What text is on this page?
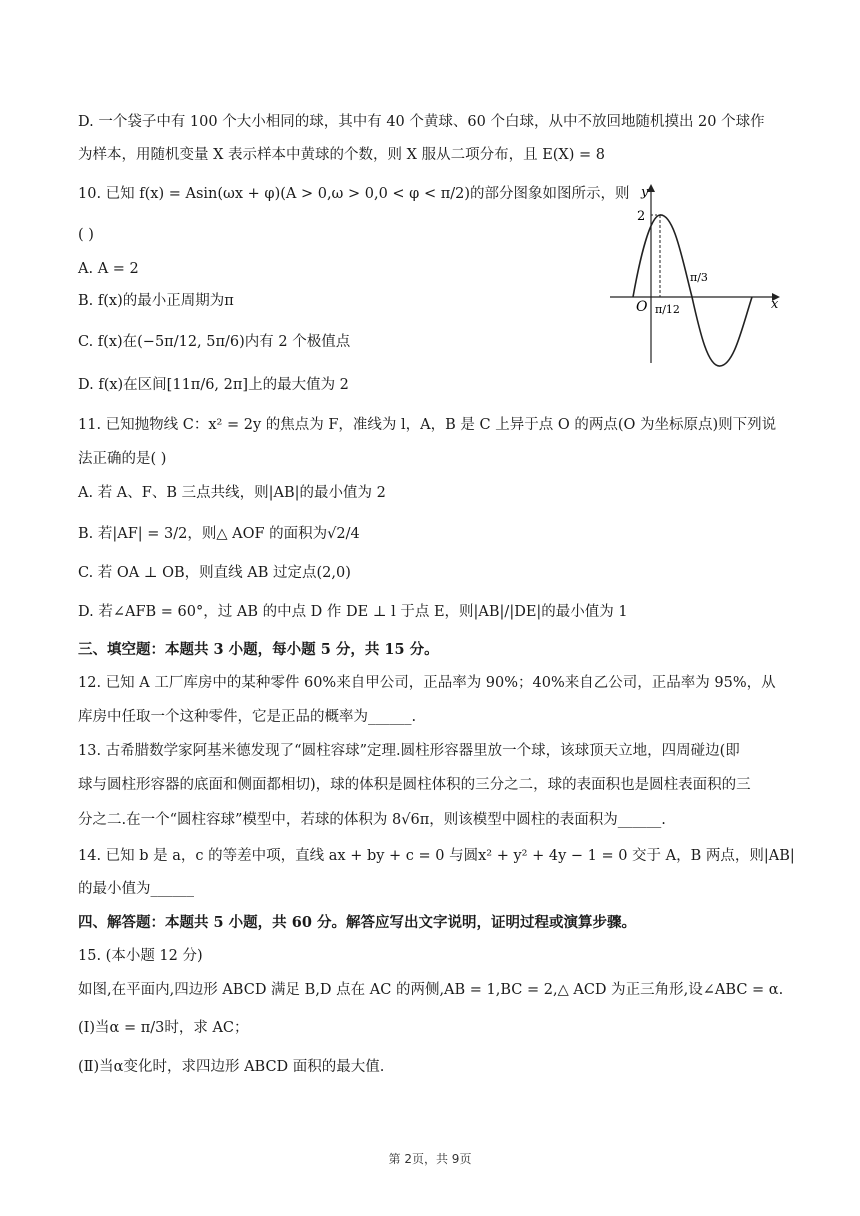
D. 一个袋子中有 100 个大小相同的球，其中有 40 个黄球、60 个白球，从中不放回地随机摸出 20 个球作
为样本，用随机变量 X 表示样本中黄球的个数，则 X 服从二项分布，且 E(X) = 8
10. 已知 f(x) = Asin(ωx + φ)(A > 0,ω > 0,0 < φ < π/2)的部分图象如图所示，则
( )
A. A = 2
B. f(x)的最小正周期为π
C. f(x)在(−5π/12, 5π/6)内有 2 个极值点
D. f(x)在区间[11π/6, 2π]上的最大值为 2
y
x
O
2
π/12
π/3
11. 已知抛物线 C：x² = 2y 的焦点为 F，准线为 l，A，B 是 C 上异于点 O 的两点(O 为坐标原点)则下列说
法正确的是( )
A. 若 A、F、B 三点共线，则|AB|的最小值为 2
B. 若|AF| = 3/2，则△ AOF 的面积为√2/4
C. 若 OA ⊥ OB，则直线 AB 过定点(2,0)
D. 若∠AFB = 60°，过 AB 的中点 D 作 DE ⊥ l 于点 E，则|AB|/|DE|的最小值为 1
三、填空题：本题共 3 小题，每小题 5 分，共 15 分。
12. 已知 A 工厂库房中的某种零件 60%来自甲公司，正品率为 90%；40%来自乙公司，正品率为 95%，从
库房中任取一个这种零件，它是正品的概率为______.
13. 古希腊数学家阿基米德发现了“圆柱容球”定理.圆柱形容器里放一个球，该球顶天立地，四周碰边(即
球与圆柱形容器的底面和侧面都相切)，球的体积是圆柱体积的三分之二，球的表面积也是圆柱表面积的三
分之二.在一个“圆柱容球”模型中，若球的体积为 8√6π，则该模型中圆柱的表面积为______.
14. 已知 b 是 a，c 的等差中项，直线 ax + by + c = 0 与圆x² + y² + 4y − 1 = 0 交于 A，B 两点，则|AB|
的最小值为______
四、解答题：本题共 5 小题，共 60 分。解答应写出文字说明，证明过程或演算步骤。
15. (本小题 12 分)
如图,在平面内,四边形 ABCD 满足 B,D 点在 AC 的两侧,AB = 1,BC = 2,△ ACD 为正三角形,设∠ABC = α.
(Ⅰ)当α = π/3时，求 AC；
(Ⅱ)当α变化时，求四边形 ABCD 面积的最大值.
第 2页，共 9页
